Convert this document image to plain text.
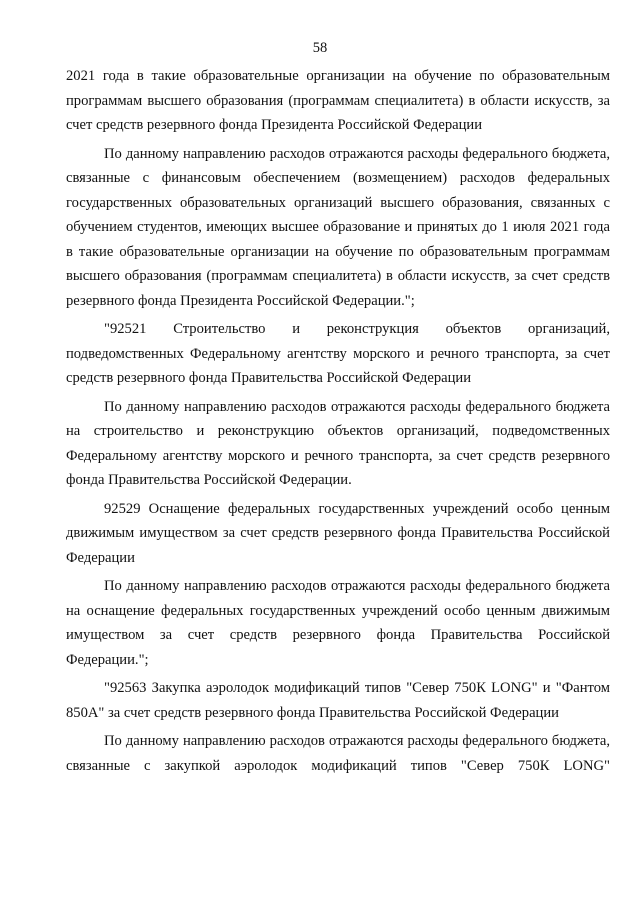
58

2021 года в такие образовательные организации на обучение по образовательным программам высшего образования (программам специалитета) в области искусств, за счет средств резервного фонда Президента Российской Федерации

По данному направлению расходов отражаются расходы федерального бюджета, связанные с финансовым обеспечением (возмещением) расходов федеральных государственных образовательных организаций высшего образования, связанных с обучением студентов, имеющих высшее образование и принятых до 1 июля 2021 года в такие образовательные организации на обучение по образовательным программам высшего образования (программам специалитета) в области искусств, за счет средств резервного фонда Президента Российской Федерации.";

"92521 Строительство и реконструкция объектов организаций, подведомственных Федеральному агентству морского и речного транспорта, за счет средств резервного фонда Правительства Российской Федерации

По данному направлению расходов отражаются расходы федерального бюджета на строительство и реконструкцию объектов организаций, подведомственных Федеральному агентству морского и речного транспорта, за счет средств резервного фонда Правительства Российской Федерации.

92529 Оснащение федеральных государственных учреждений особо ценным движимым имуществом за счет средств резервного фонда Правительства Российской Федерации

По данному направлению расходов отражаются расходы федерального бюджета на оснащение федеральных государственных учреждений особо ценным движимым имуществом за счет средств резервного фонда Правительства Российской Федерации.";

"92563 Закупка аэролодок модификаций типов "Север 750К LONG" и "Фантом 850А" за счет средств резервного фонда Правительства Российской Федерации

По данному направлению расходов отражаются расходы федерального бюджета, связанные с закупкой аэролодок модификаций типов "Север 750К LONG"
